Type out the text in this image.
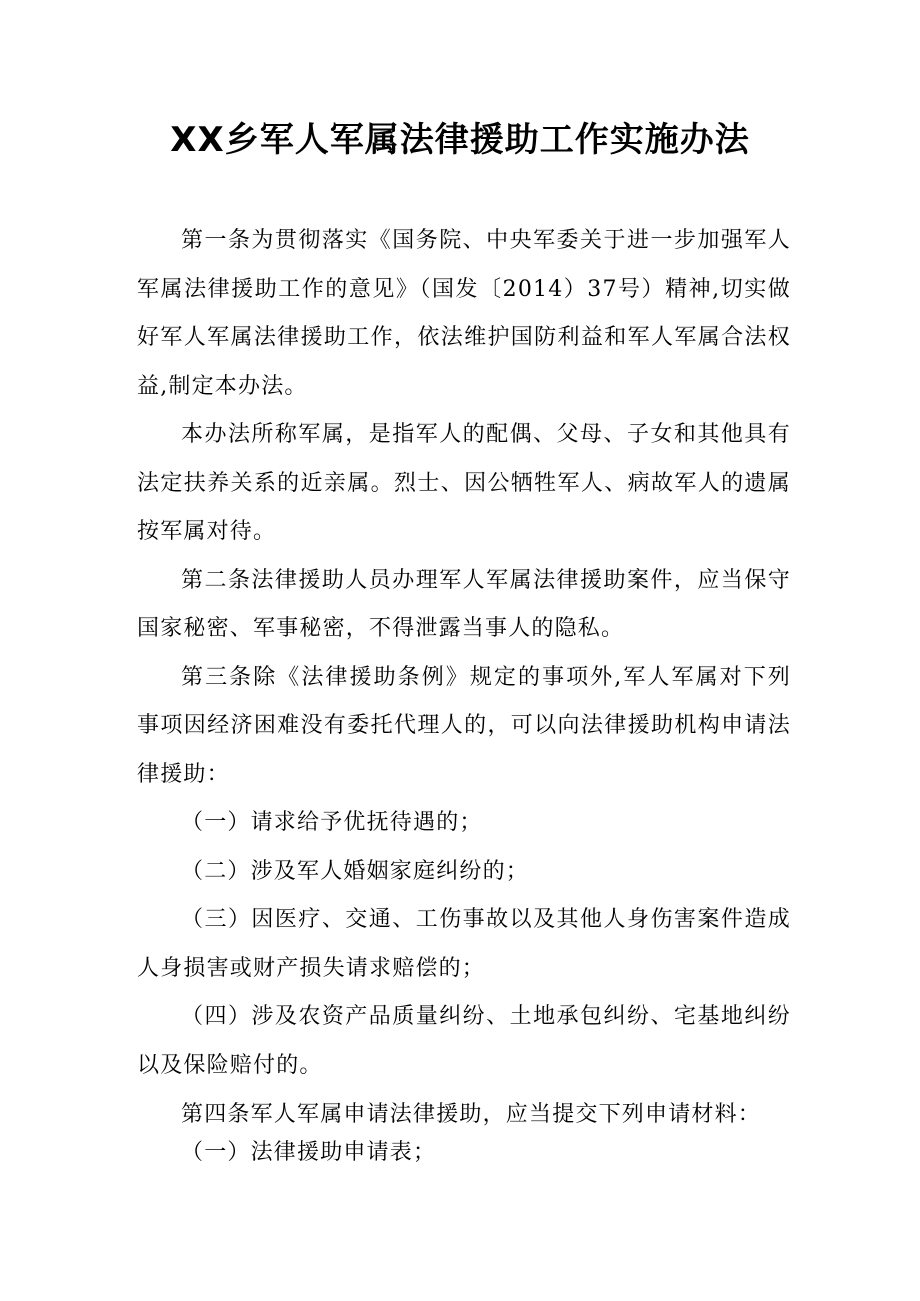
XX乡军人军属法律援助工作实施办法

第一条为贯彻落实《国务院、中央军委关于进一步加强军人军属法律援助工作的意见》（国发〔2014）37号）精神,切实做好军人军属法律援助工作，依法维护国防利益和军人军属合法权益,制定本办法。

本办法所称军属，是指军人的配偶、父母、子女和其他具有法定扶养关系的近亲属。烈士、因公牺牲军人、病故军人的遗属按军属对待。

第二条法律援助人员办理军人军属法律援助案件，应当保守国家秘密、军事秘密，不得泄露当事人的隐私。

第三条除《法律援助条例》规定的事项外,军人军属对下列事项因经济困难没有委托代理人的，可以向法律援助机构申请法律援助：

（一）请求给予优抚待遇的；

（二）涉及军人婚姻家庭纠纷的；

（三）因医疗、交通、工伤事故以及其他人身伤害案件造成人身损害或财产损失请求赔偿的；

（四）涉及农资产品质量纠纷、土地承包纠纷、宅基地纠纷以及保险赔付的。

第四条军人军属申请法律援助，应当提交下列申请材料：

（一）法律援助申请表；
